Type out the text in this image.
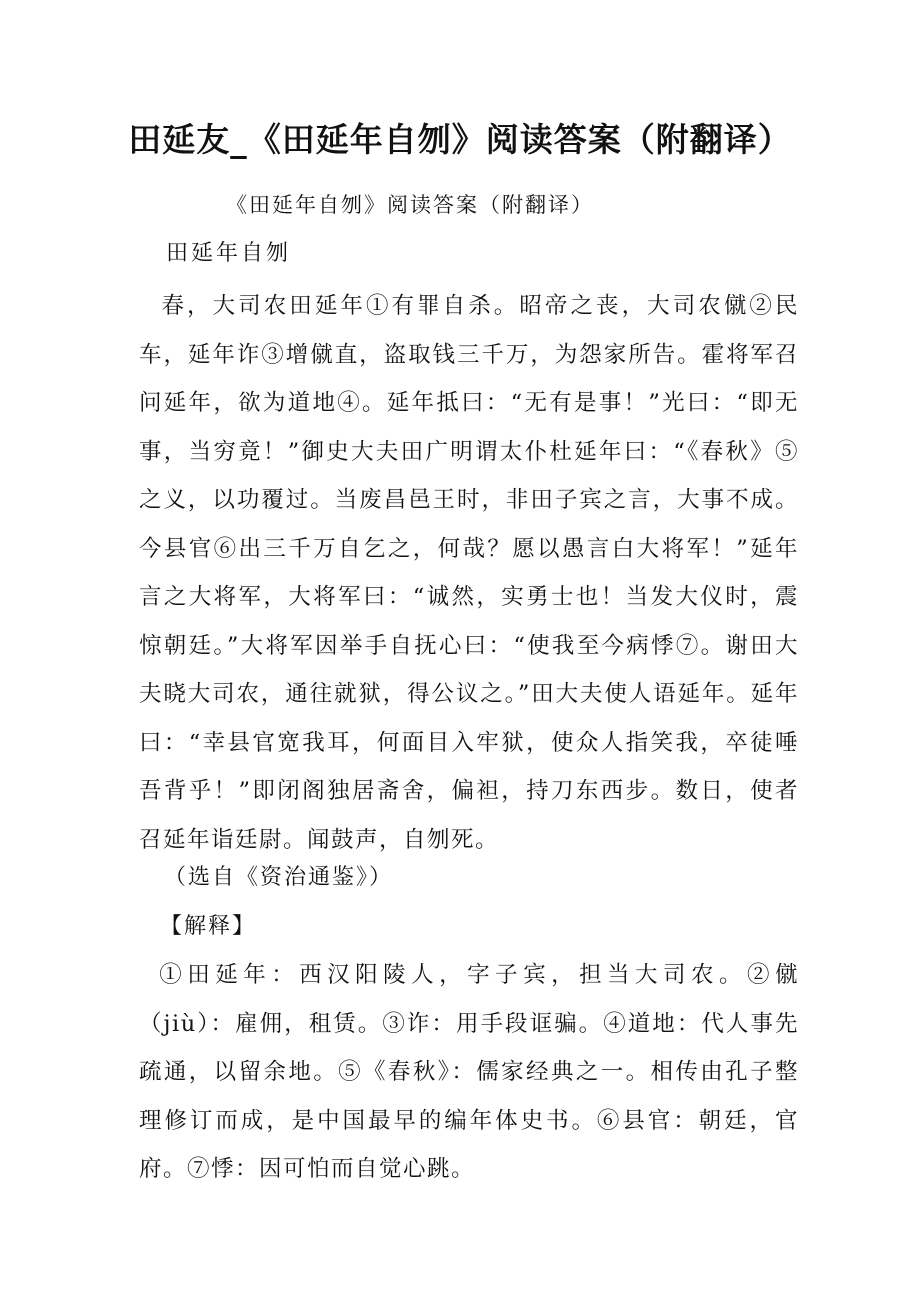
田延友_《田延年自刎》阅读答案（附翻译）
《田延年自刎》阅读答案（附翻译）
田延年自刎

春，大司农田延年①有罪自杀。昭帝之丧，大司农僦②民车，延年诈③增僦直，盗取钱三千万，为怨家所告。霍将军召问延年，欲为道地④。延年抵曰：“无有是事！”光曰：“即无事，当穷竟！”御史大夫田广明谓太仆杜延年曰：“《春秋》⑤之义，以功覆过。当废昌邑王时，非田子宾之言，大事不成。今县官⑥出三千万自乞之，何哉？愿以愚言白大将军！”延年言之大将军，大将军曰：“诚然，实勇士也！当发大仪时，震惊朝廷。”大将军因举手自抚心曰：“使我至今病悸⑦。谢田大夫晓大司农，通往就狱，得公议之。”田大夫使人语延年。延年曰：“幸县官宽我耳，何面目入牢狱，使众人指笑我，卒徒唾吾背乎！”即闭阁独居斋舍，偏袒，持刀东西步。数日，使者召延年诣廷尉。闻鼓声，自刎死。

（选自《资治通鉴》）
【解释】

①田延年：西汉阳陵人，字子宾，担当大司农。②僦（jiù）：雇佣，租赁。③诈：用手段诓骗。④道地：代人事先疏通，以留余地。⑤《春秋》：儒家经典之一。相传由孔子整理修订而成，是中国最早的编年体史书。⑥县官：朝廷，官府。⑦悸：因可怕而自觉心跳。
